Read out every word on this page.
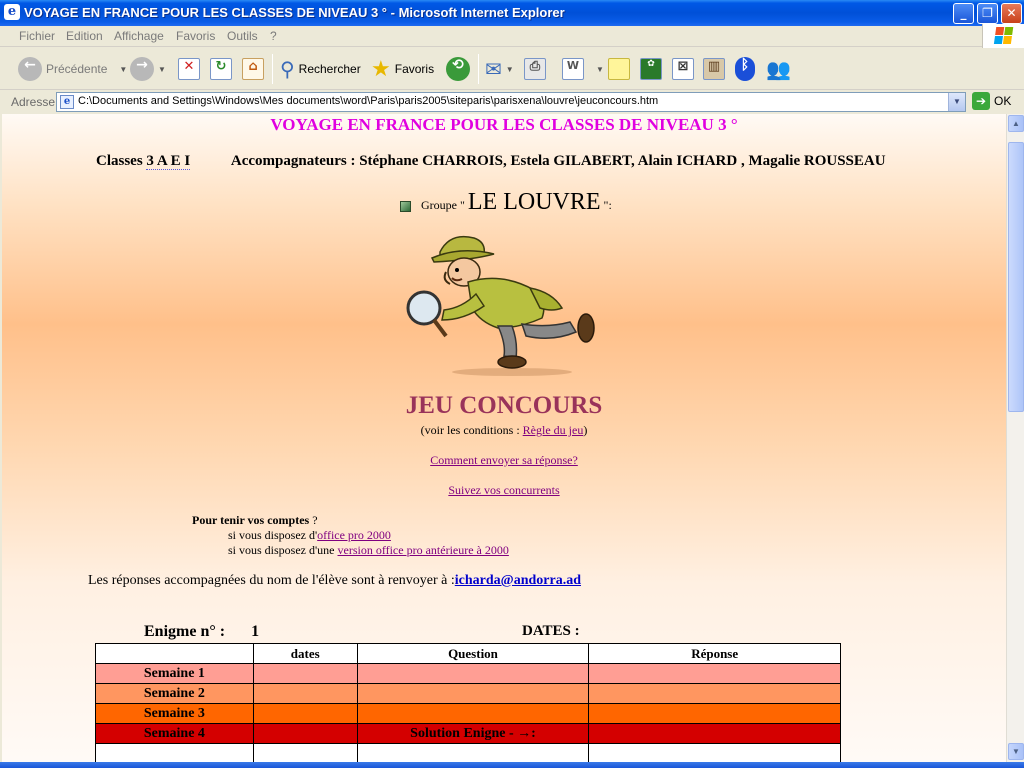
e VOYAGE EN FRANCE POUR LES CLASSES DE NIVEAU 3 ° - Microsoft Internet Explorer	_	❐	✕
Fichier Edition Affichage Favoris Outils ?
← Précédente ▼ →	▼	✕	↻	⌂	⚲ Rechercher ★ Favoris	⟲	✉ ▼	⎙	W	▼	✿	⊠	▥	ᛒ 👥
Adresse e C:\Documents and Settings\Windows\Mes documents\word\Paris\paris2005\siteparis\parisxena\louvre\jeuconcours.htm	▼	➔ OK
VOYAGE EN FRANCE POUR LES CLASSES DE NIVEAU 3 °
Classes 3 A E I	Accompagnateurs : Stéphane CHARROIS, Estela GILABERT, Alain ICHARD , Magalie ROUSSEAU
Groupe " LE LOUVRE ":
JEU CONCOURS
(voir les conditions : Règle du jeu)
Comment envoyer sa réponse?
Suivez vos concurrents
Pour tenir vos comptes ?
si vous disposez d'office pro 2000
si vous disposez d'une version office pro antérieure à 2000
Les réponses accompagnées du nom de l'élève sont à renvoyer à :icharda@andorra.ad
Enigme n° : 1	DATES :
	dates	Question	Réponse
Semaine 1			
Semaine 2			
Semaine 3			
Semaine 4		Solution Enigne - →:	

▲
▼
